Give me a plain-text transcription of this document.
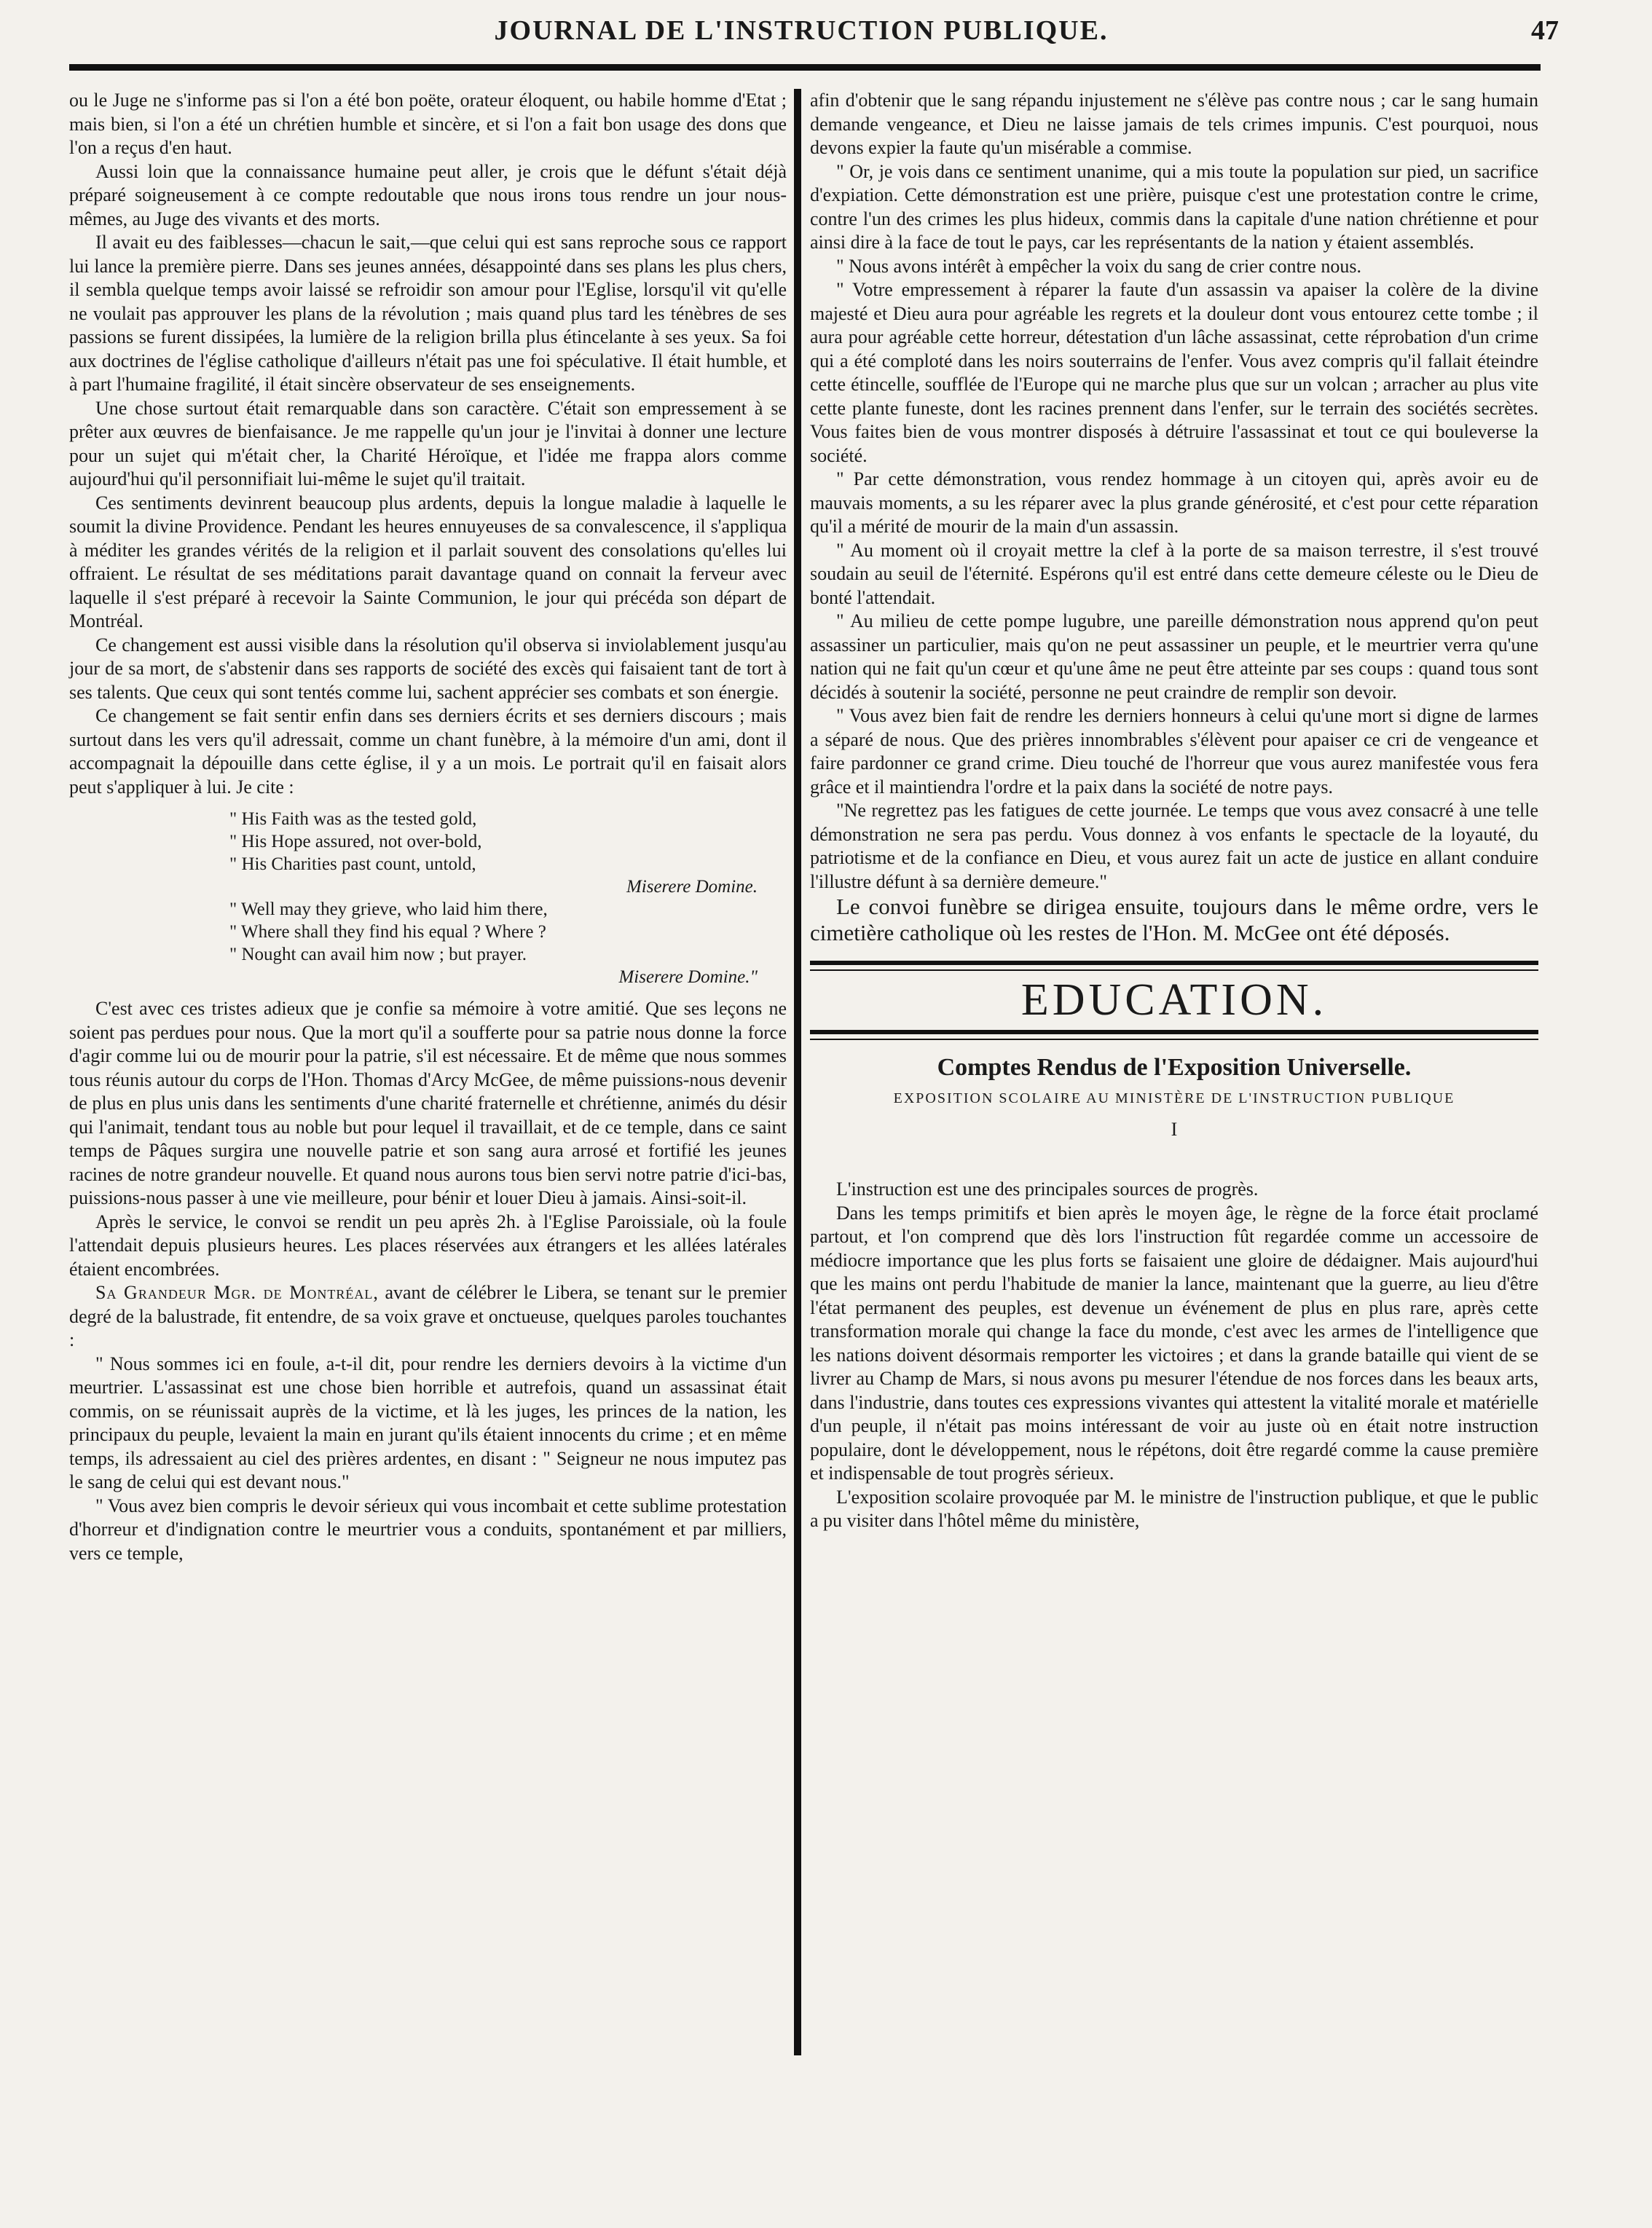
JOURNAL DE L'INSTRUCTION PUBLIQUE.	47

ou le Juge ne s'informe pas si l'on a été bon poëte, orateur éloquent, ou habile homme d'Etat ; mais bien, si l'on a été un chrétien humble et sincère, et si l'on a fait bon usage des dons que l'on a reçus d'en haut.

Aussi loin que la connaissance humaine peut aller, je crois que le défunt s'était déjà préparé soigneusement à ce compte redoutable que nous irons tous rendre un jour nous-mêmes, au Juge des vivants et des morts.

Il avait eu des faiblesses—chacun le sait,—que celui qui est sans reproche sous ce rapport lui lance la première pierre. Dans ses jeunes années, désappointé dans ses plans les plus chers, il sembla quelque temps avoir laissé se refroidir son amour pour l'Eglise, lorsqu'il vit qu'elle ne voulait pas approuver les plans de la révolution ; mais quand plus tard les ténèbres de ses passions se furent dissipées, la lumière de la religion brilla plus étincelante à ses yeux. Sa foi aux doctrines de l'église catholique d'ailleurs n'était pas une foi spéculative. Il était humble, et à part l'humaine fragilité, il était sincère observateur de ses enseignements.

Une chose surtout était remarquable dans son caractère. C'était son empressement à se prêter aux œuvres de bienfaisance. Je me rappelle qu'un jour je l'invitai à donner une lecture pour un sujet qui m'était cher, la Charité Héroïque, et l'idée me frappa alors comme aujourd'hui qu'il personnifiait lui-même le sujet qu'il traitait.

Ces sentiments devinrent beaucoup plus ardents, depuis la longue maladie à laquelle le soumit la divine Providence. Pendant les heures ennuyeuses de sa convalescence, il s'appliqua à méditer les grandes vérités de la religion et il parlait souvent des consolations qu'elles lui offraient. Le résultat de ses méditations parait davantage quand on connait la ferveur avec laquelle il s'est préparé à recevoir la Sainte Communion, le jour qui précéda son départ de Montréal.

Ce changement est aussi visible dans la résolution qu'il observa si inviolablement jusqu'au jour de sa mort, de s'abstenir dans ses rapports de société des excès qui faisaient tant de tort à ses talents. Que ceux qui sont tentés comme lui, sachent apprécier ses combats et son énergie.

Ce changement se fait sentir enfin dans ses derniers écrits et ses derniers discours ; mais surtout dans les vers qu'il adressait, comme un chant funèbre, à la mémoire d'un ami, dont il accompagnait la dépouille dans cette église, il y a un mois. Le portrait qu'il en faisait alors peut s'appliquer à lui. Je cite :

" His Faith was as the tested gold,
" His Hope assured, not over-bold,
" His Charities past count, untold,
Miserere Domine.
" Well may they grieve, who laid him there,
" Where shall they find his equal ? Where ?
" Nought can avail him now ; but prayer.
Miserere Domine."

C'est avec ces tristes adieux que je confie sa mémoire à votre amitié. Que ses leçons ne soient pas perdues pour nous. Que la mort qu'il a soufferte pour sa patrie nous donne la force d'agir comme lui ou de mourir pour la patrie, s'il est nécessaire. Et de même que nous sommes tous réunis autour du corps de l'Hon. Thomas d'Arcy McGee, de même puissions-nous devenir de plus en plus unis dans les sentiments d'une charité fraternelle et chrétienne, animés du désir qui l'animait, tendant tous au noble but pour lequel il travaillait, et de ce temple, dans ce saint temps de Pâques surgira une nouvelle patrie et son sang aura arrosé et fortifié les jeunes racines de notre grandeur nouvelle. Et quand nous aurons tous bien servi notre patrie d'ici-bas, puissions-nous passer à une vie meilleure, pour bénir et louer Dieu à jamais. Ainsi-soit-il.

Après le service, le convoi se rendit un peu après 2h. à l'Eglise Paroissiale, où la foule l'attendait depuis plusieurs heures. Les places réservées aux étrangers et les allées latérales étaient encombrées.

Sa Grandeur Mgr. de Montréal, avant de célébrer le Libera, se tenant sur le premier degré de la balustrade, fit entendre, de sa voix grave et onctueuse, quelques paroles touchantes :

" Nous sommes ici en foule, a-t-il dit, pour rendre les derniers devoirs à la victime d'un meurtrier. L'assassinat est une chose bien horrible et autrefois, quand un assassinat était commis, on se réunissait auprès de la victime, et là les juges, les princes de la nation, les principaux du peuple, levaient la main en jurant qu'ils étaient innocents du crime ; et en même temps, ils adressaient au ciel des prières ardentes, en disant : " Seigneur ne nous imputez pas le sang de celui qui est devant nous."

" Vous avez bien compris le devoir sérieux qui vous incombait et cette sublime protestation d'horreur et d'indignation contre le meurtrier vous a conduits, spontanément et par milliers, vers ce temple,

afin d'obtenir que le sang répandu injustement ne s'élève pas contre nous ; car le sang humain demande vengeance, et Dieu ne laisse jamais de tels crimes impunis. C'est pourquoi, nous devons expier la faute qu'un misérable a commise.

" Or, je vois dans ce sentiment unanime, qui a mis toute la population sur pied, un sacrifice d'expiation. Cette démonstration est une prière, puisque c'est une protestation contre le crime, contre l'un des crimes les plus hideux, commis dans la capitale d'une nation chrétienne et pour ainsi dire à la face de tout le pays, car les représentants de la nation y étaient assemblés.

" Nous avons intérêt à empêcher la voix du sang de crier contre nous.

" Votre empressement à réparer la faute d'un assassin va apaiser la colère de la divine majesté et Dieu aura pour agréable les regrets et la douleur dont vous entourez cette tombe ; il aura pour agréable cette horreur, détestation d'un lâche assassinat, cette réprobation d'un crime qui a été comploté dans les noirs souterrains de l'enfer. Vous avez compris qu'il fallait éteindre cette étincelle, soufflée de l'Europe qui ne marche plus que sur un volcan ; arracher au plus vite cette plante funeste, dont les racines prennent dans l'enfer, sur le terrain des sociétés secrètes. Vous faites bien de vous montrer disposés à détruire l'assassinat et tout ce qui bouleverse la société.

" Par cette démonstration, vous rendez hommage à un citoyen qui, après avoir eu de mauvais moments, a su les réparer avec la plus grande générosité, et c'est pour cette réparation qu'il a mérité de mourir de la main d'un assassin.

" Au moment où il croyait mettre la clef à la porte de sa maison terrestre, il s'est trouvé soudain au seuil de l'éternité. Espérons qu'il est entré dans cette demeure céleste ou le Dieu de bonté l'attendait.

" Au milieu de cette pompe lugubre, une pareille démonstration nous apprend qu'on peut assassiner un particulier, mais qu'on ne peut assassiner un peuple, et le meurtrier verra qu'une nation qui ne fait qu'un cœur et qu'une âme ne peut être atteinte par ses coups : quand tous sont décidés à soutenir la société, personne ne peut craindre de remplir son devoir.

" Vous avez bien fait de rendre les derniers honneurs à celui qu'une mort si digne de larmes a séparé de nous. Que des prières innombrables s'élèvent pour apaiser ce cri de vengeance et faire pardonner ce grand crime. Dieu touché de l'horreur que vous aurez manifestée vous fera grâce et il maintiendra l'ordre et la paix dans la société de notre pays.

"Ne regrettez pas les fatigues de cette journée. Le temps que vous avez consacré à une telle démonstration ne sera pas perdu. Vous donnez à vos enfants le spectacle de la loyauté, du patriotisme et de la confiance en Dieu, et vous aurez fait un acte de justice en allant conduire l'illustre défunt à sa dernière demeure."

Le convoi funèbre se dirigea ensuite, toujours dans le même ordre, vers le cimetière catholique où les restes de l'Hon. M. McGee ont été déposés.

EDUCATION.
Comptes Rendus de l'Exposition Universelle.
EXPOSITION SCOLAIRE AU MINISTÈRE DE L'INSTRUCTION PUBLIQUE
I

L'instruction est une des principales sources de progrès.

Dans les temps primitifs et bien après le moyen âge, le règne de la force était proclamé partout, et l'on comprend que dès lors l'instruction fût regardée comme un accessoire de médiocre importance que les plus forts se faisaient une gloire de dédaigner. Mais aujourd'hui que les mains ont perdu l'habitude de manier la lance, maintenant que la guerre, au lieu d'être l'état permanent des peuples, est devenue un événement de plus en plus rare, après cette transformation morale qui change la face du monde, c'est avec les armes de l'intelligence que les nations doivent désormais remporter les victoires ; et dans la grande bataille qui vient de se livrer au Champ de Mars, si nous avons pu mesurer l'étendue de nos forces dans les beaux arts, dans l'industrie, dans toutes ces expressions vivantes qui attestent la vitalité morale et matérielle d'un peuple, il n'était pas moins intéressant de voir au juste où en était notre instruction populaire, dont le développement, nous le répétons, doit être regardé comme la cause première et indispensable de tout progrès sérieux.

L'exposition scolaire provoquée par M. le ministre de l'instruction publique, et que le public a pu visiter dans l'hôtel même du ministère,
